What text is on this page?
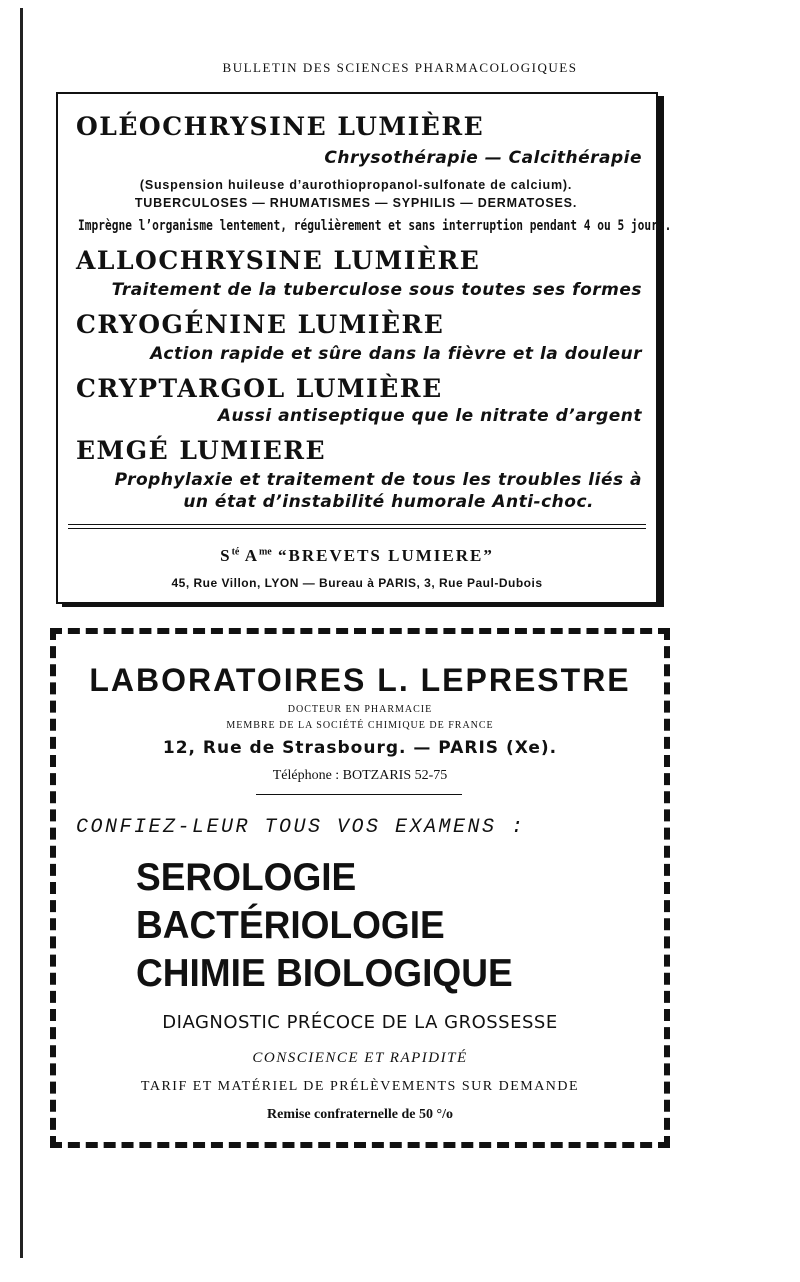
BULLETIN DES SCIENCES PHARMACOLOGIQUES
OLÉOCHRYSINE LUMIÈRE
Chrysothérapie — Calcithérapie
(Suspension huileuse d’aurothiopropanol-sulfonate de calcium).
TUBERCULOSES — RHUMATISMES — SYPHILIS — DERMATOSES.
Imprègne l’organisme lentement, régulièrement et sans interruption pendant 4 ou 5 jours.
ALLOCHRYSINE LUMIÈRE
Traitement de la tuberculose sous toutes ses formes
CRYOGÉNINE LUMIÈRE
Action rapide et sûre dans la fièvre et la douleur
CRYPTARGOL LUMIÈRE
Aussi antiseptique que le nitrate d’argent
EMGÉ LUMIERE
Prophylaxie et traitement de tous les troubles liés à
un état d’instabilité humorale Anti-choc.
$S^{té}$ $A^{me}$ “BREVETS LUMIERE”
45, Rue Villon, LYON — Bureau à PARIS, 3, Rue Paul-Dubois
LABORATOIRES L. LEPRESTRE
DOCTEUR EN PHARMACIE
MEMBRE DE LA SOCIÉTÉ CHIMIQUE DE FRANCE
12, Rue de Strasbourg. — PARIS (Xe).
Téléphone : BOTZARIS 52-75
CONFIEZ-LEUR TOUS VOS EXAMENS :
SEROLOGIE
BACTÉRIOLOGIE
CHIMIE BIOLOGIQUE
DIAGNOSTIC PRÉCOCE DE LA GROSSESSE
CONSCIENCE ET RAPIDITÉ
TARIF ET MATÉRIEL DE PRÉLÈVEMENTS SUR DEMANDE
Remise confraternelle de 50 °/o
